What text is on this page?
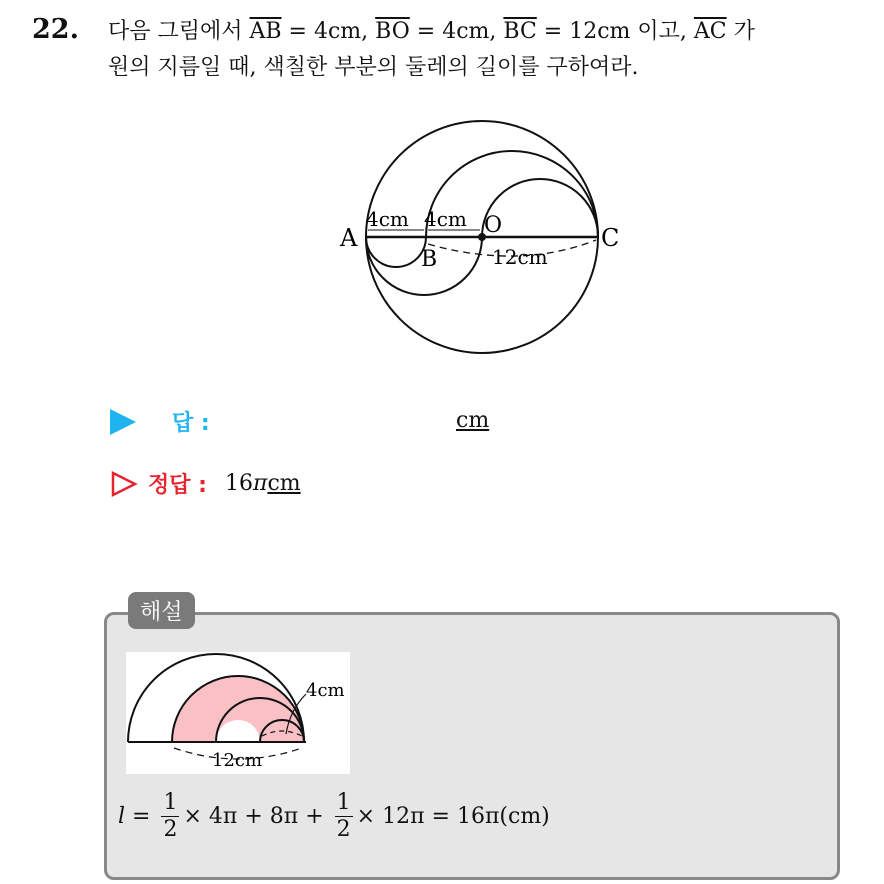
22. 다음 그림에서 $\overline{AB} = 4cm$, $\overline{BO} = 4cm$, $\overline{BC} = 12cm$ 이고, $\overline{AC}$ 가
원의 지름일 때, 색칠한 부분의 둘레의 길이를 구하여라.
A
B
O	C
4cm 4cm
12cm
답 :	cm
정답 : 16πcm
해설
4cm
12cm
$l = \frac{1}{2} \times 4\pi + 8\pi + \frac{1}{2} \times 12\pi = 16\pi(cm)$
